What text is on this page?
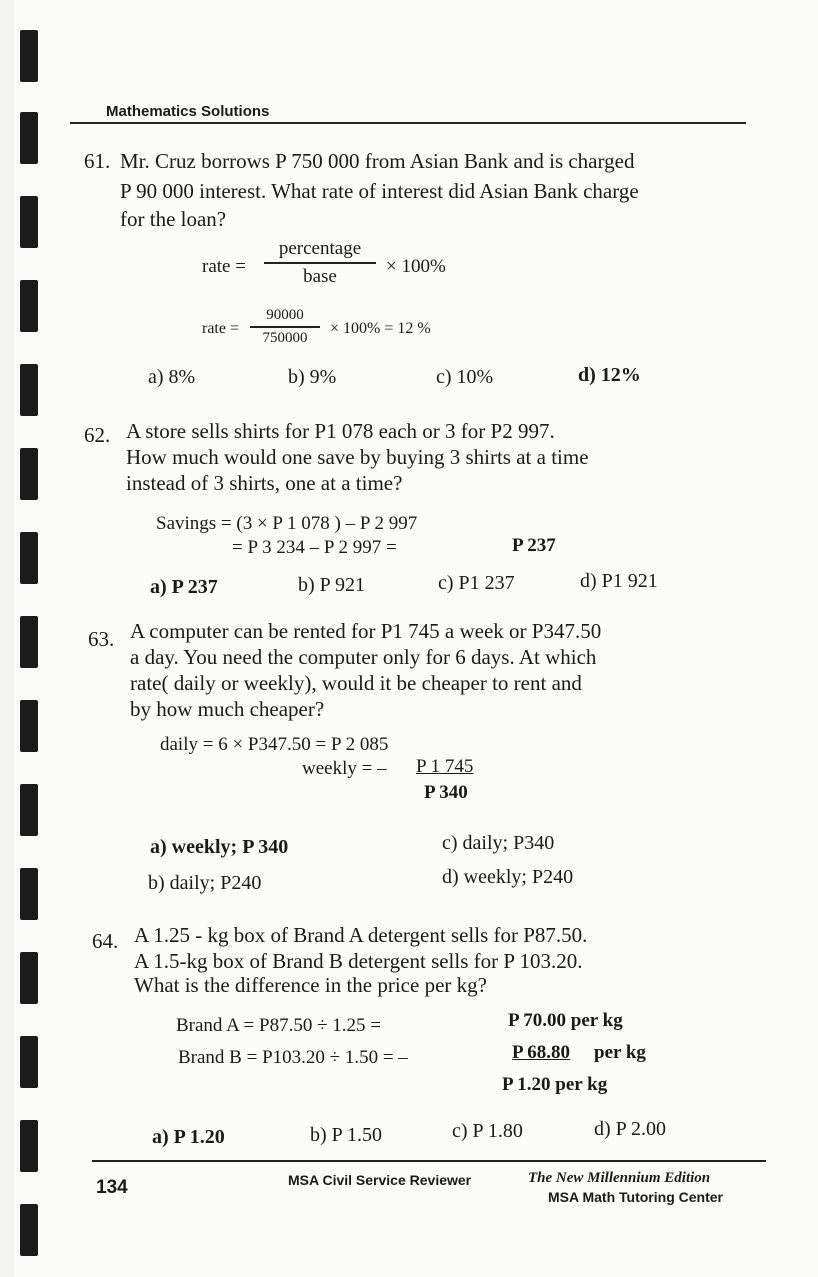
Mathematics Solutions
61. Mr. Cruz borrows P 750 000 from Asian Bank and is charged
P 90 000 interest. What rate of interest did Asian Bank charge
for the loan?
rate =
percentage
base	× 100%
rate =
90000
750000
× 100% = 12 %
a) 8%	b) 9%	c) 10%	d) 12%
62. A store sells shirts for P1 078 each or 3 for P2 997.
How much would one save by buying 3 shirts at a time
instead of 3 shirts, one at a time?
Savings = (3 × P 1 078 ) – P 2 997
= P 3 234 – P 2 997 =	P 237
a) P 237	b) P 921	c) P1 237	d) P1 921
63. A computer can be rented for P1 745 a week or P347.50
a day. You need the computer only for 6 days. At which
rate( daily or weekly), would it be cheaper to rent and
by how much cheaper?
daily = 6 × P347.50 = P 2 085
weekly = – P 1 745
P 340
a) weekly; P 340	c) daily; P340
b) daily; P240	d) weekly; P240
64. A 1.25 - kg box of Brand A detergent sells for P87.50.
A 1.5-kg box of Brand B detergent sells for P 103.20.
What is the difference in the price per kg?
Brand A = P87.50 ÷ 1.25 =	P 70.00 per kg
Brand B = P103.20 ÷ 1.50 = –	P 68.80 per kg
P 1.20 per kg
a) P 1.20	b) P 1.50	c) P 1.80	d) P 2.00
134	MSA Civil Service Reviewer	The New Millennium Edition
MSA Math Tutoring Center
